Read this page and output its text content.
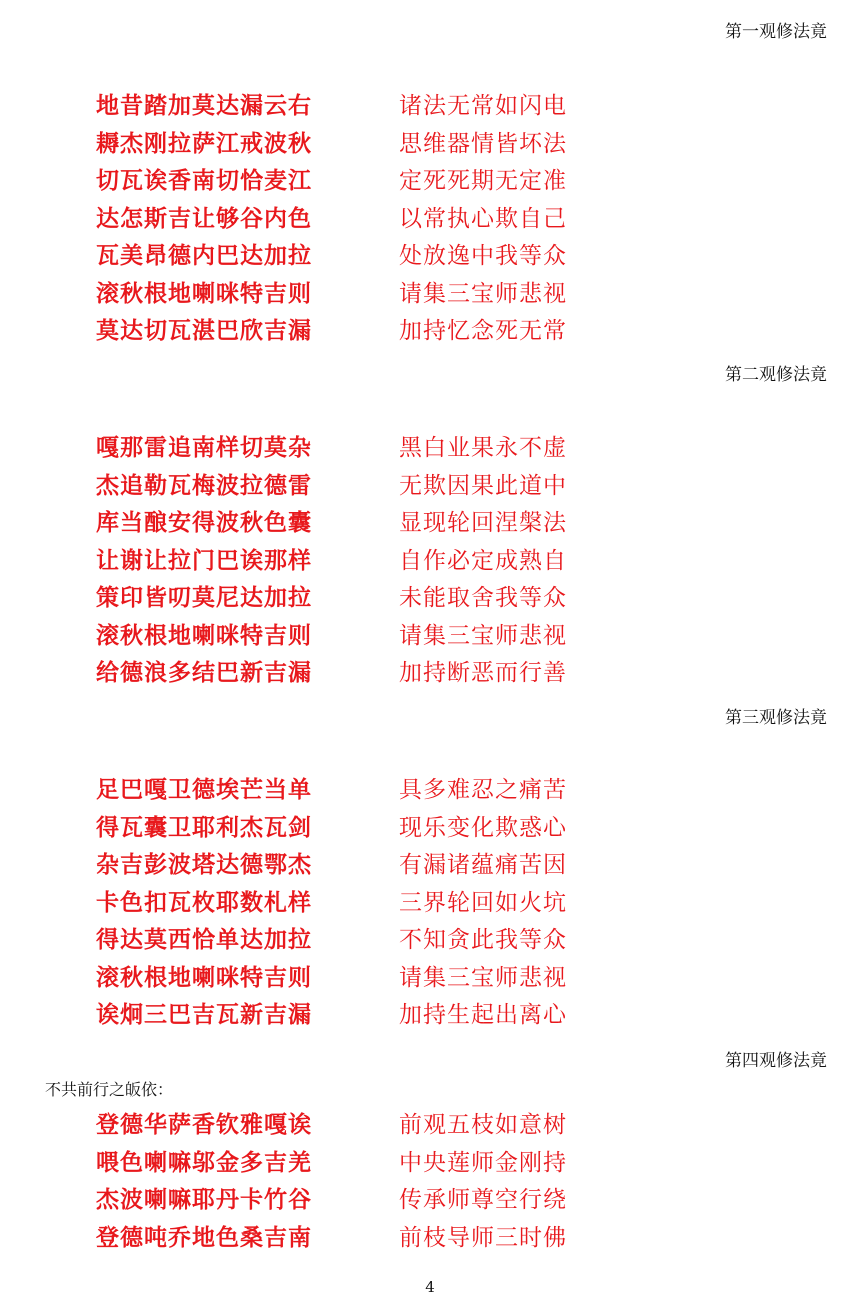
第一观修法竟
地昔踏加莫达漏云右	诸法无常如闪电
耨杰刚拉萨江戒波秋	思维器情皆坏法
切瓦诶香南切恰麦江	定死死期无定准
达怎斯吉让够谷内色	以常执心欺自己
瓦美昂德内巴达加拉	处放逸中我等众
滚秋根地喇咪特吉则	请集三宝师悲视
莫达切瓦湛巴欣吉漏	加持忆念死无常
第二观修法竟
嘎那雷追南样切莫杂	黑白业果永不虚
杰追勒瓦梅波拉德雷	无欺因果此道中
库当酿安得波秋色囊	显现轮回涅槃法
让谢让拉门巴诶那样	自作必定成熟自
策印皆叨莫尼达加拉	未能取舍我等众
滚秋根地喇咪特吉则	请集三宝师悲视
给德浪多结巴新吉漏	加持断恶而行善
第三观修法竟
足巴嘎卫德埃芒当单	具多难忍之痛苦
得瓦囊卫耶利杰瓦剑	现乐变化欺惑心
杂吉彭波塔达德鄂杰	有漏诸蕴痛苦因
卡色扣瓦枚耶数札样	三界轮回如火坑
得达莫西恰单达加拉	不知贪此我等众
滚秋根地喇咪特吉则	请集三宝师悲视
诶炯三巴吉瓦新吉漏	加持生起出离心
第四观修法竟
不共前行之皈依：
登德华萨香钦雅嘎诶	前观五枝如意树
喂色喇嘛邬金多吉羌	中央莲师金刚持
杰波喇嘛耶丹卡竹谷	传承师尊空行绕
登德吨乔地色桑吉南	前枝导师三时佛
4
